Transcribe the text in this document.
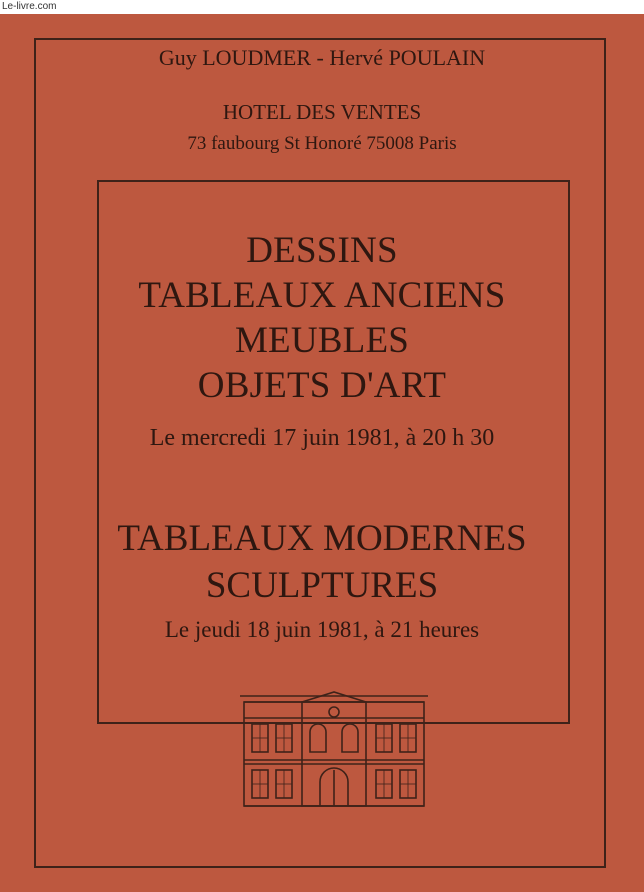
Le-livre.com
Guy LOUDMER - Hervé POULAIN
HOTEL DES VENTES
73 faubourg St Honoré 75008 Paris
DESSINS
TABLEAUX ANCIENS
MEUBLES
OBJETS D'ART
Le mercredi 17 juin 1981, à 20 h 30
TABLEAUX MODERNES
SCULPTURES
Le jeudi 18 juin 1981, à 21 heures
